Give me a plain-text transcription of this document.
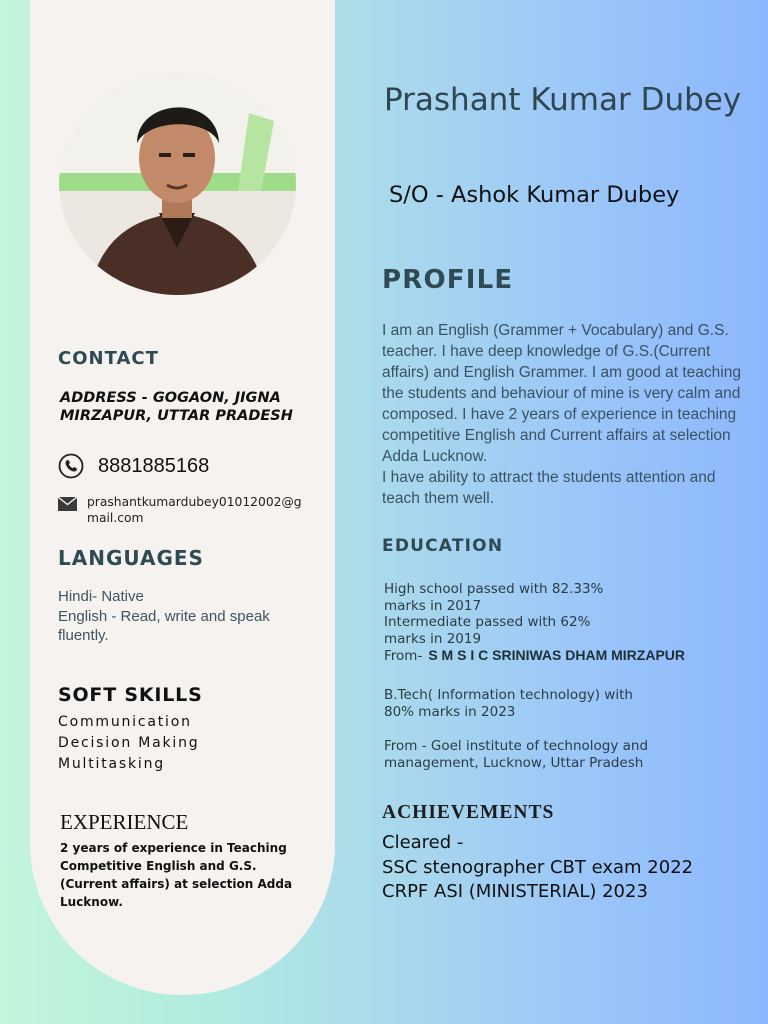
CONTACT
ADDRESS - GOGAON, JIGNA
MIRZAPUR, UTTAR PRADESH
8881885168
prashantkumardubey01012002@gmail.com
LANGUAGES
Hindi- Native
English - Read, write and speak fluently.
SOFT SKILLS
Communication
Decision Making
Multitasking
EXPERIENCE
2 years of experience in Teaching Competitive English and G.S.(Current affairs) at selection Adda Lucknow.
Prashant Kumar Dubey
S/O - Ashok Kumar Dubey
PROFILE
I am an English (Grammer + Vocabulary) and G.S. teacher. I have deep knowledge of G.S.(Current affairs) and English Grammer. I am good at teaching the students and behaviour of mine is very calm and composed. I have 2 years of experience in teaching competitive English and Current affairs at selection Adda Lucknow.
I have ability to attract the students attention and teach them well.
EDUCATION
High school passed with 82.33% marks in 2017
Intermediate passed with 62% marks in 2019
From- S M S I C SRINIWAS DHAM MIRZAPUR
B.Tech( Information technology) with 80% marks in 2023
From - Goel institute of technology and management, Lucknow, Uttar Pradesh
ACHIEVEMENTS
Cleared -
SSC stenographer CBT exam 2022
CRPF ASI (MINISTERIAL) 2023
